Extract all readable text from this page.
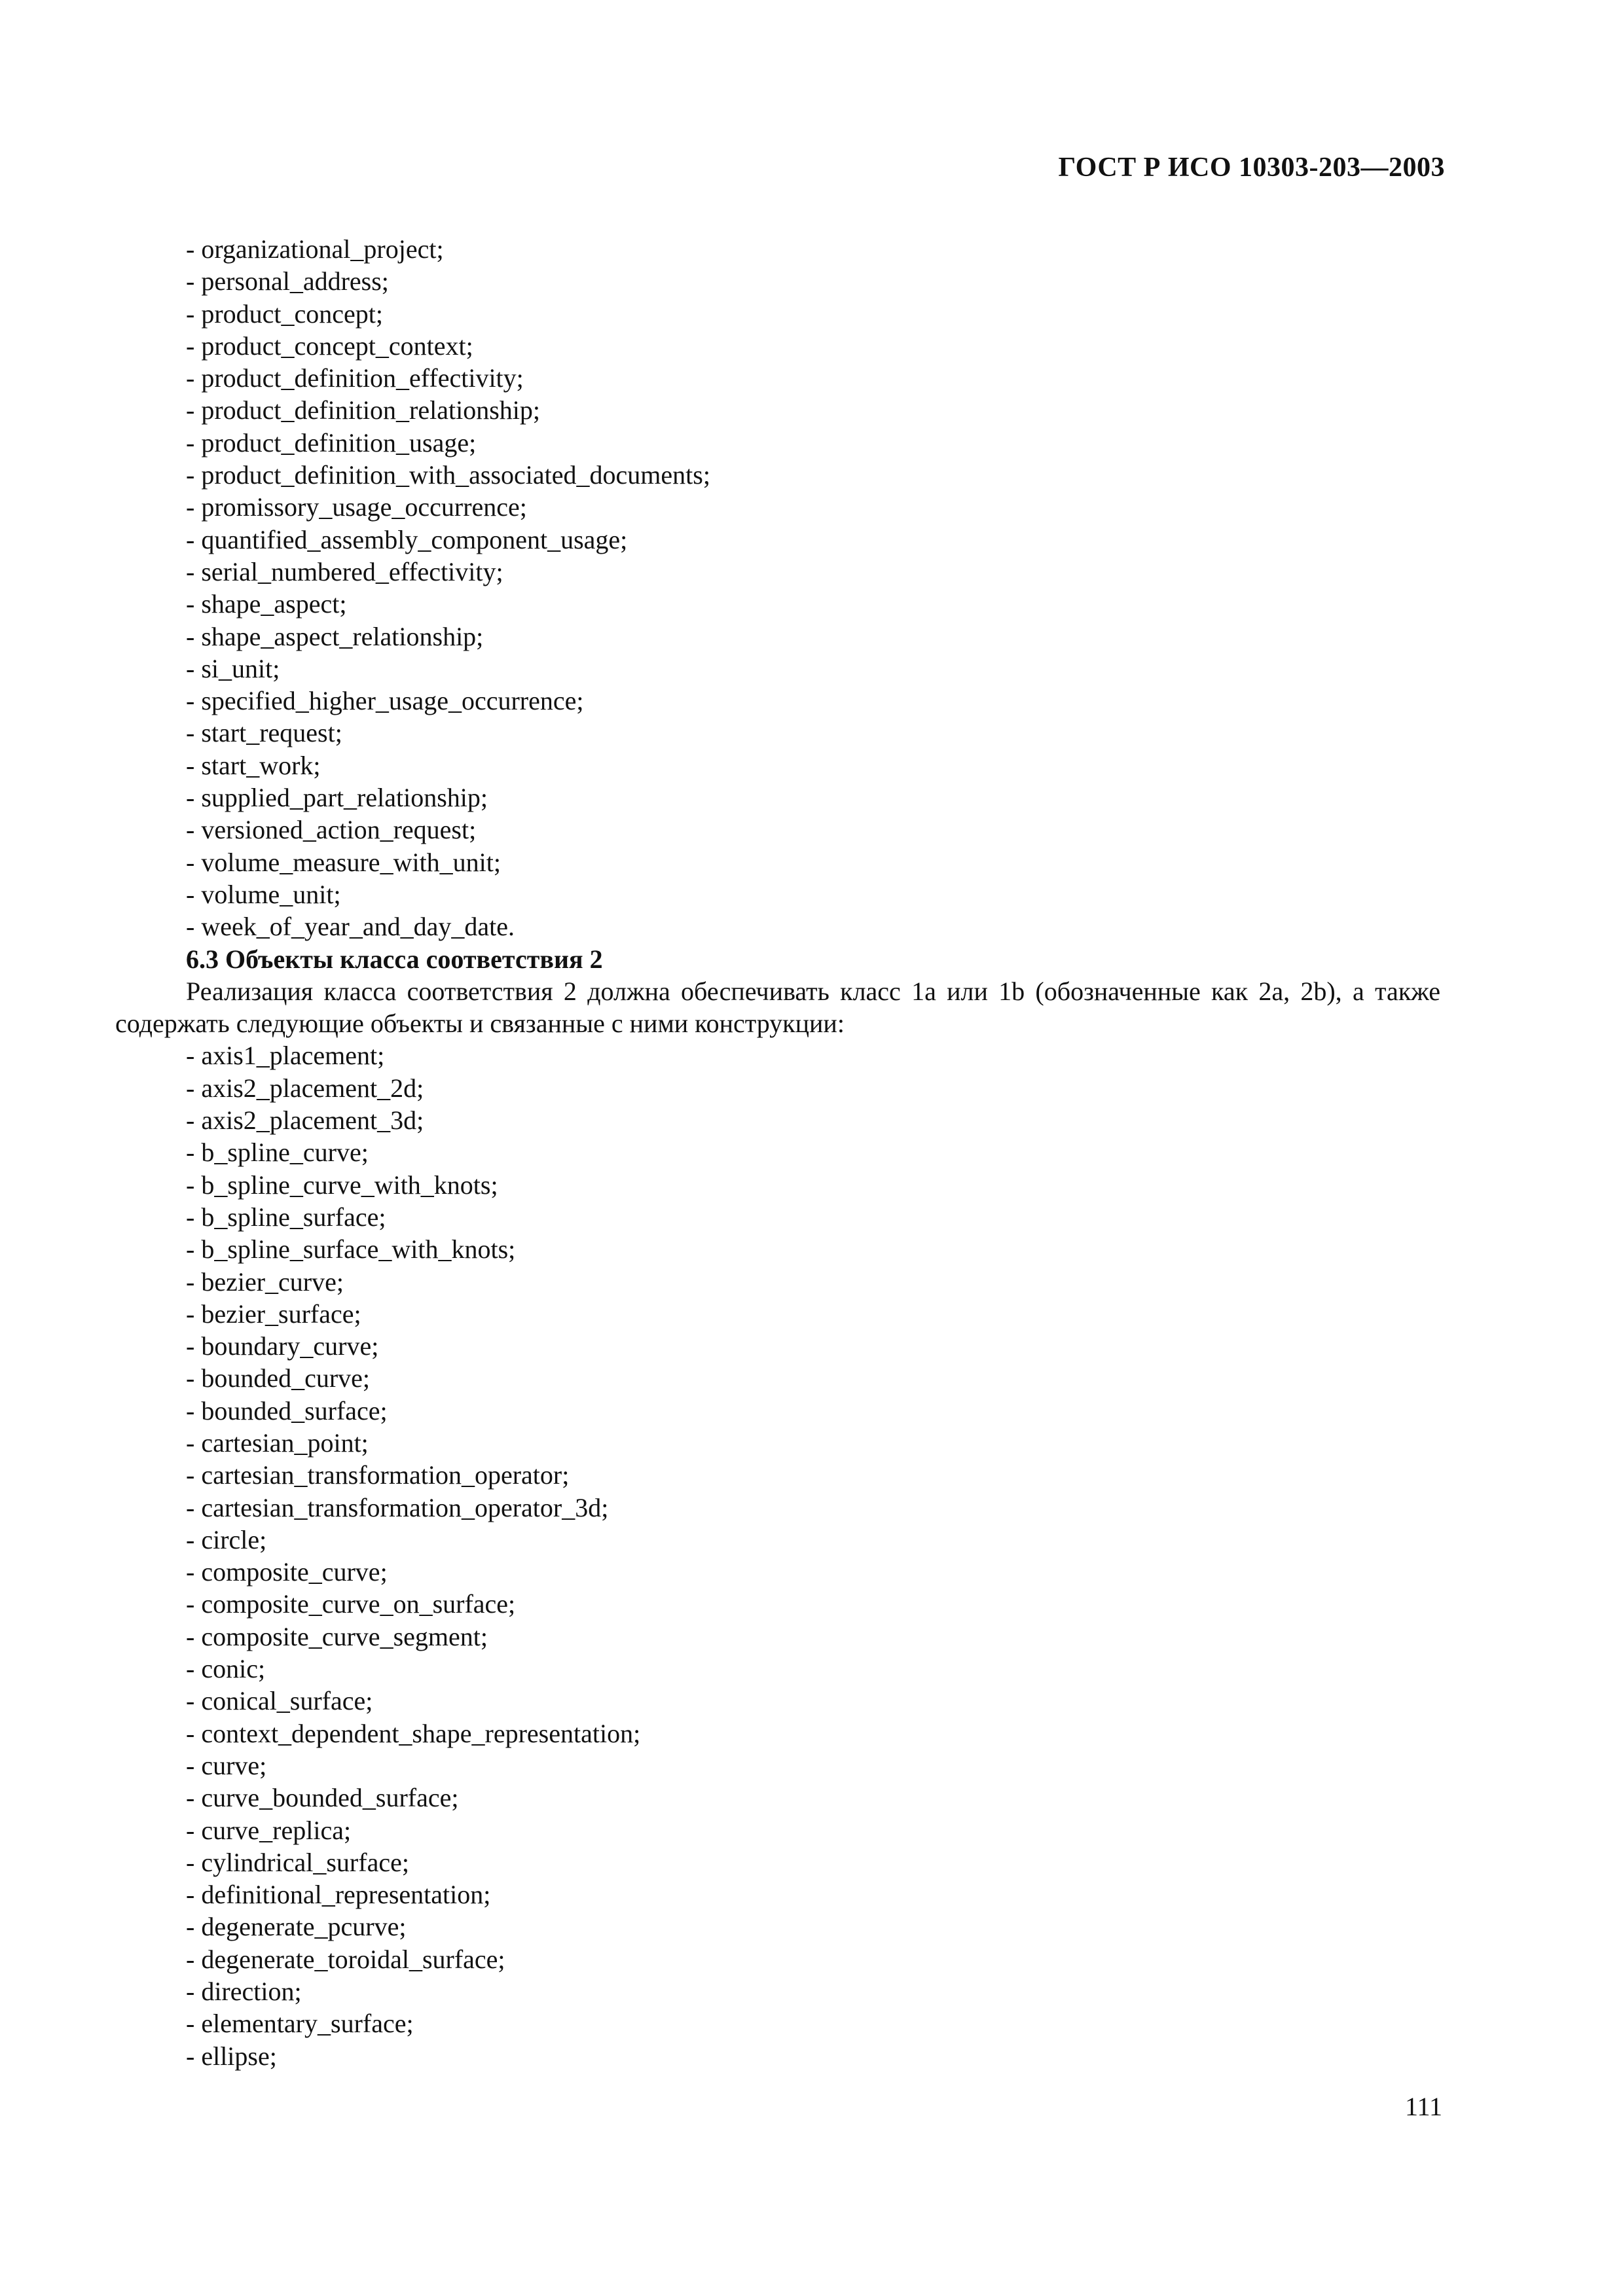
ГОСТ Р ИСО 10303-203—2003
- organizational_project;
- personal_address;
- product_concept;
- product_concept_context;
- product_definition_effectivity;
- product_definition_relationship;
- product_definition_usage;
- product_definition_with_associated_documents;
- promissory_usage_occurrence;
- quantified_assembly_component_usage;
- serial_numbered_effectivity;
- shape_aspect;
- shape_aspect_relationship;
- si_unit;
- specified_higher_usage_occurrence;
- start_request;
- start_work;
- supplied_part_relationship;
- versioned_action_request;
- volume_measure_with_unit;
- volume_unit;
- week_of_year_and_day_date.
6.3 Объекты класса соответствия 2

Реализация класса соответствия 2 должна обеспечивать класс 1a или 1b (обозначенные как 2a, 2b), а также содержать следующие объекты и связанные с ними конструкции:

- axis1_placement;
- axis2_placement_2d;
- axis2_placement_3d;
- b_spline_curve;
- b_spline_curve_with_knots;
- b_spline_surface;
- b_spline_surface_with_knots;
- bezier_curve;
- bezier_surface;
- boundary_curve;
- bounded_curve;
- bounded_surface;
- cartesian_point;
- cartesian_transformation_operator;
- cartesian_transformation_operator_3d;
- circle;
- composite_curve;
- composite_curve_on_surface;
- composite_curve_segment;
- conic;
- conical_surface;
- context_dependent_shape_representation;
- curve;
- curve_bounded_surface;
- curve_replica;
- cylindrical_surface;
- definitional_representation;
- degenerate_pcurve;
- degenerate_toroidal_surface;
- direction;
- elementary_surface;
- ellipse;
111
